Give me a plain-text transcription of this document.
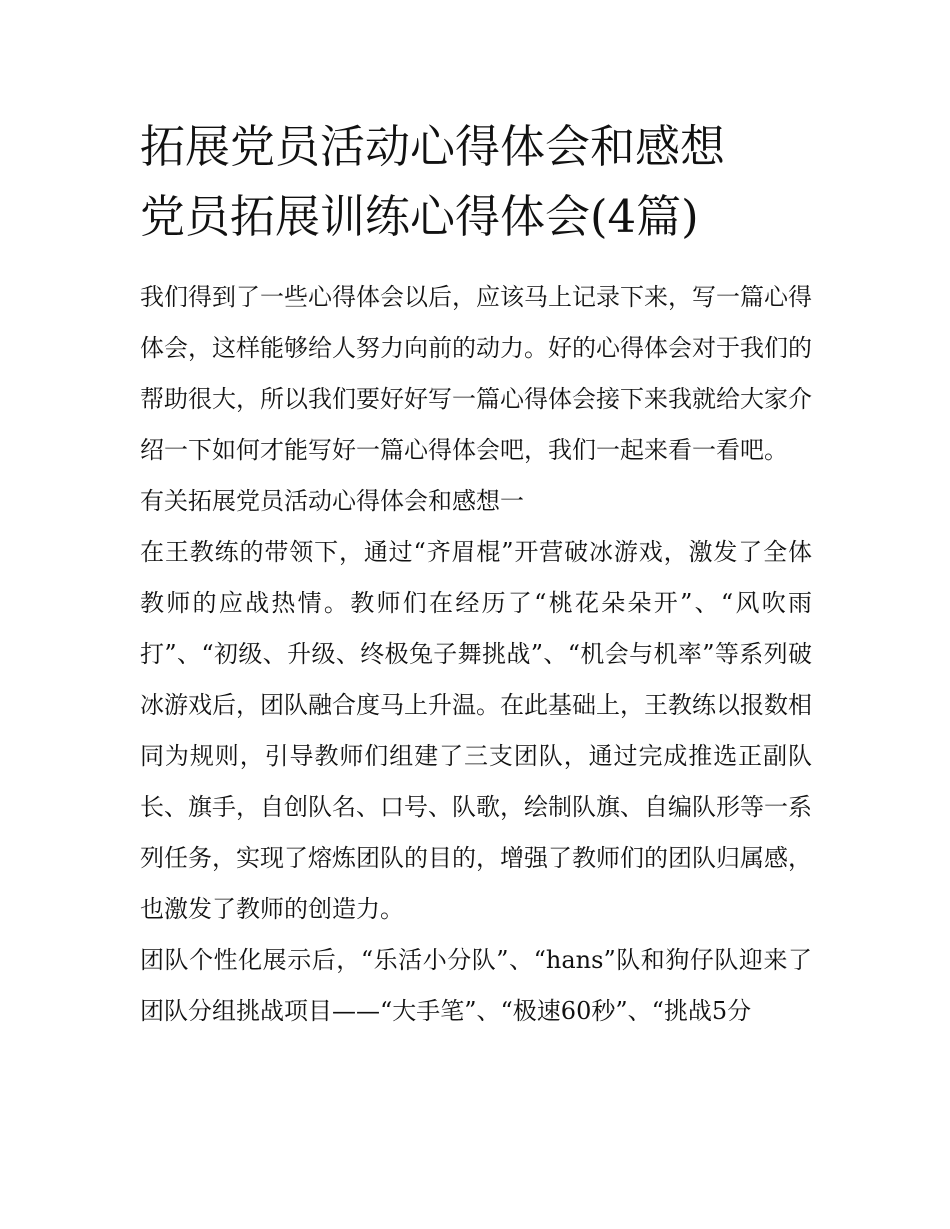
拓展党员活动心得体会和感想
党员拓展训练心得体会(4篇)

我们得到了一些心得体会以后，应该马上记录下来，写一篇心得体会，这样能够给人努力向前的动力。好的心得体会对于我们的帮助很大，所以我们要好好写一篇心得体会接下来我就给大家介绍一下如何才能写好一篇心得体会吧，我们一起来看一看吧。

有关拓展党员活动心得体会和感想一

在王教练的带领下，通过“齐眉棍”开营破冰游戏，激发了全体教师的应战热情。教师们在经历了“桃花朵朵开”、“风吹雨打”、“初级、升级、终极兔子舞挑战”、“机会与机率”等系列破冰游戏后，团队融合度马上升温。在此基础上，王教练以报数相同为规则，引导教师们组建了三支团队，通过完成推选正副队长、旗手，自创队名、口号、队歌，绘制队旗、自编队形等一系列任务，实现了熔炼团队的目的，增强了教师们的团队归属感，也激发了教师的创造力。

团队个性化展示后，“乐活小分队”、“hans”队和狗仔队迎来了团队分组挑战项目——“大手笔”、“极速60秒”、“挑战5分
